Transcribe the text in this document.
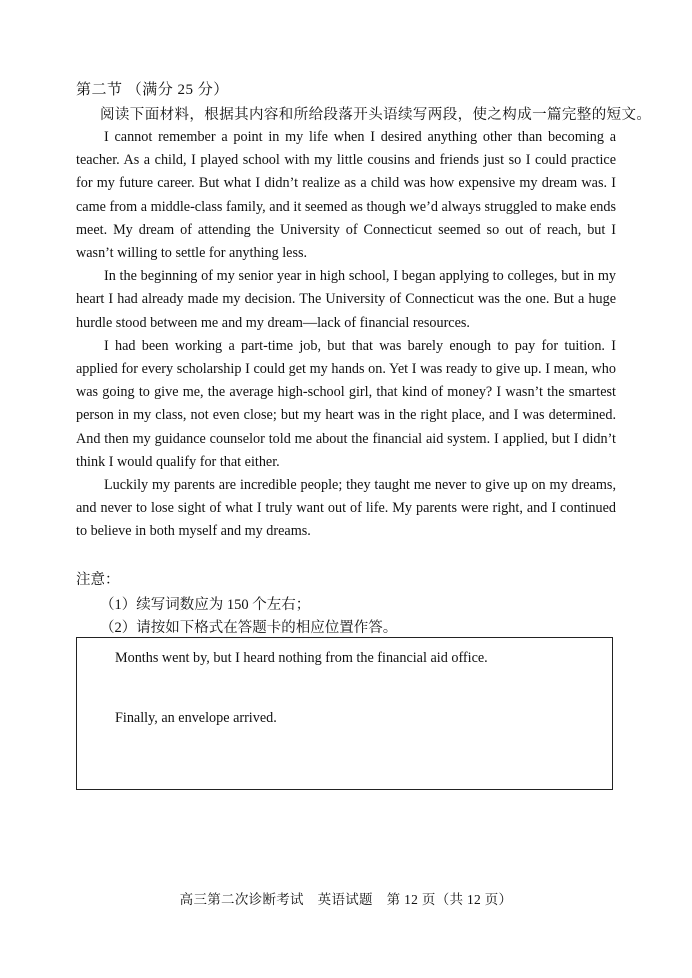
第二节 （满分 25 分）
阅读下面材料，根据其内容和所给段落开头语续写两段，使之构成一篇完整的短文。

I cannot remember a point in my life when I desired anything other than becoming a teacher. As a child, I played school with my little cousins and friends just so I could practice for my future career. But what I didn’t realize as a child was how expensive my dream was. I came from a middle-class family, and it seemed as though we’d always struggled to make ends meet. My dream of attending the University of Connecticut seemed so out of reach, but I wasn’t willing to settle for anything less.

In the beginning of my senior year in high school, I began applying to colleges, but in my heart I had already made my decision. The University of Connecticut was the one. But a huge hurdle stood between me and my dream—lack of financial resources.

I had been working a part-time job, but that was barely enough to pay for tuition. I applied for every scholarship I could get my hands on. Yet I was ready to give up. I mean, who was going to give me, the average high-school girl, that kind of money? I wasn’t the smartest person in my class, not even close; but my heart was in the right place, and I was determined. And then my guidance counselor told me about the financial aid system. I applied, but I didn’t think I would qualify for that either.

Luckily my parents are incredible people; they taught me never to give up on my dreams, and never to lose sight of what I truly want out of life. My parents were right, and I continued to believe in both myself and my dreams.

注意：
（1）续写词数应为 150 个左右；
（2）请按如下格式在答题卡的相应位置作答。
Months went by, but I heard nothing from the financial aid office.
Finally, an envelope arrived.
高三第二次诊断考试　英语试题　第 12 页（共 12 页）
